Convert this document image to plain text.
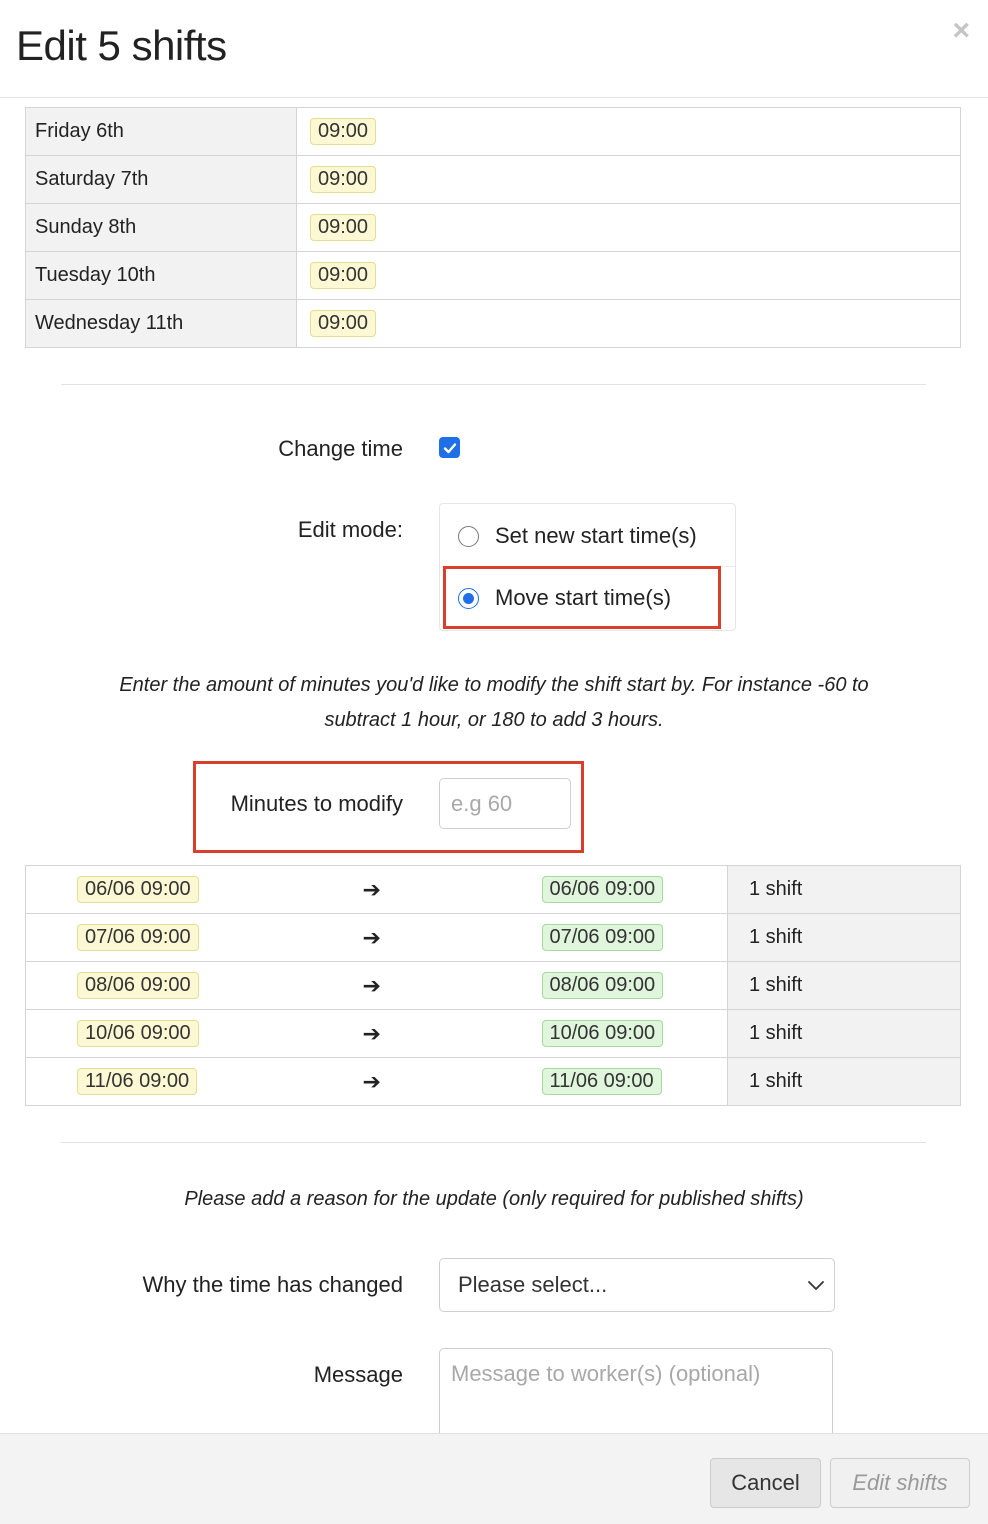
Edit 5 shifts	×
Friday 6th	09:00
Saturday 7th	09:00
Sunday 8th	09:00
Tuesday 10th	09:00
Wednesday 11th	09:00
Change time
Edit mode:	Set new start time(s)
Move start time(s)

Enter the amount of minutes you'd like to modify the shift start by. For instance -60 to subtract 1 hour, or 180 to add 3 hours.

Minutes to modify
e.g 60
06/06 09:00	➔	06/06 09:00	1 shift
07/06 09:00	➔	07/06 09:00	1 shift
08/06 09:00	➔	08/06 09:00	1 shift
10/06 09:00	➔	10/06 09:00	1 shift
11/06 09:00	➔	11/06 09:00	1 shift

Please add a reason for the update (only required for published shifts)

Why the time has changed	Please select...
Message
Message to worker(s) (optional)
Cancel	Edit shifts
